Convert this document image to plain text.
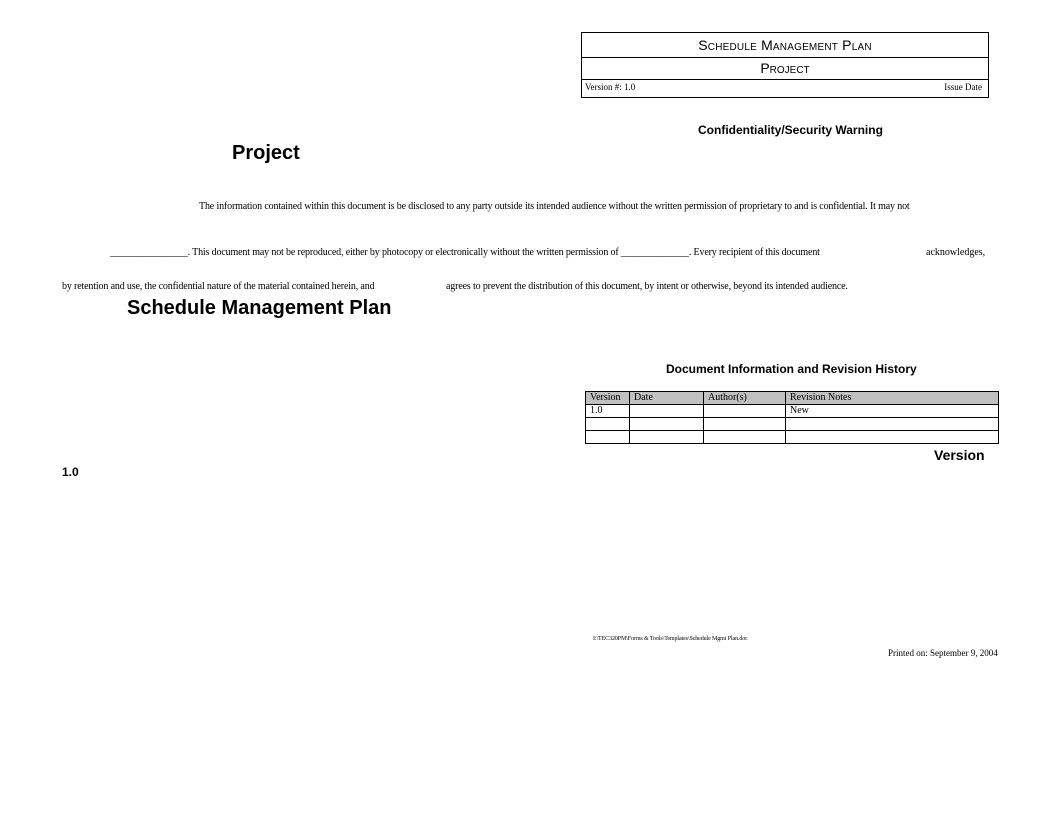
Schedule Management Plan
Project
Version #: 1.0	Issue Date
Confidentiality/Security Warning
Project
The information contained within this document is be disclosed to any party outside its intended audience without the written permission of proprietary to and is confidential. It may not
________________. This document may not be reproduced, either by photocopy or electronically without the written permission of ______________. Every recipient of this document	acknowledges,
by retention and use, the confidential nature of the material contained herein, and	agrees to prevent the distribution of this document, by intent or otherwise, beyond its intended audience.
Schedule Management Plan
Document Information and Revision History
Version	Date	Author(s)	Revision Notes
1.0			New

Version
1.0
I:\TEC320PM\Forms & Tools\Templates\Schedule Mgmt Plan.doc
Printed on: September 9, 2004
